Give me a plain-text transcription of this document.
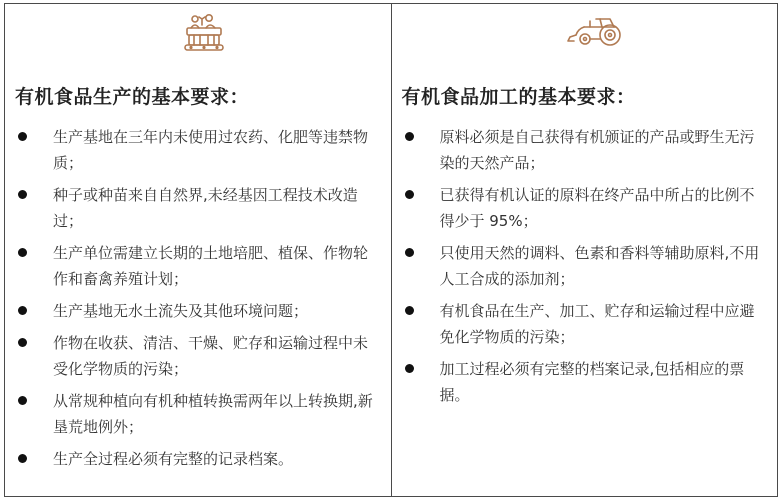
有机食品生产的基本要求：
生产基地在三年内未使用过农药、化肥等违禁物质；
种子或种苗来自自然界,未经基因工程技术改造过；
生产单位需建立长期的土地培肥、植保、作物轮作和畜禽养殖计划；
生产基地无水土流失及其他环境问题；
作物在收获、清洁、干燥、贮存和运输过程中未受化学物质的污染；
从常规种植向有机种植转换需两年以上转换期,新垦荒地例外；
生产全过程必须有完整的记录档案。
有机食品加工的基本要求：
原料必须是自己获得有机颁证的产品或野生无污染的天然产品；
已获得有机认证的原料在终产品中所占的比例不得少于 95%；
只使用天然的调料、色素和香料等辅助原料,不用人工合成的添加剂；
有机食品在生产、加工、贮存和运输过程中应避免化学物质的污染；
加工过程必须有完整的档案记录,包括相应的票据。
